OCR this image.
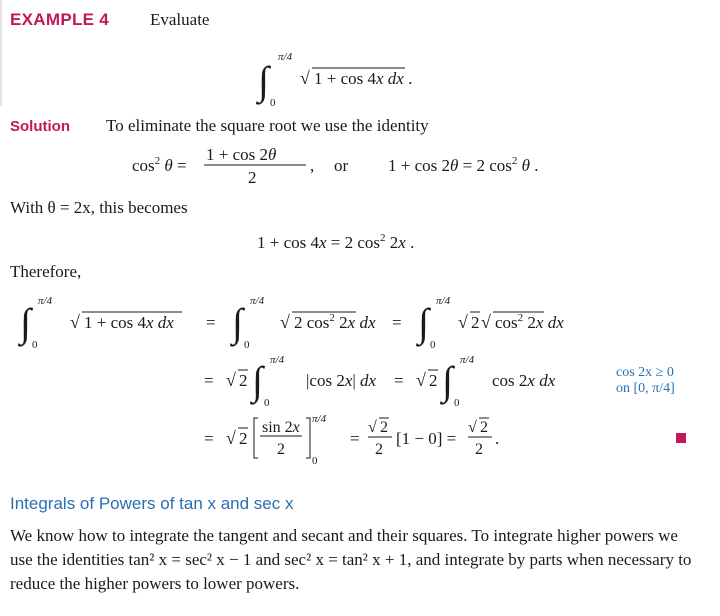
EXAMPLE 4 Evaluate
∫
π/4
0
√ 1 + cos 4x dx .
Solution To eliminate the square root we use the identity
$\cos^2 \theta$ =
1 + cos 2θ
2
, or 1 + cos 2θ = 2 $\cos^2 \theta$ .
With θ = 2x, this becomes
1 + cos 4x = 2 $\cos^2 2x$ .
Therefore,
∫ π/4
0
√ 1 + cos 4x dx = ∫ π/4
0
√ 2 $\cos^2 2x$ dx = ∫ π/4
0
√ 2 √ $\cos^2 2x$ dx
= √ 2 ∫ π/4
0
|cos 2x| dx = √ 2 ∫ π/4
0
cos 2x dx	cos 2x ≥ 0
on [0, π/4]
= √ 2
sin 2x
2
π/4
0
=
√ 2
2
[1 − 0] =
√ 2
2
.
Integrals of Powers of tan x and sec x
We know how to integrate the tangent and secant and their squares. To integrate higher powers we use the identities tan² x = sec² x − 1 and sec² x = tan² x + 1, and integrate by parts when necessary to reduce the higher powers to lower powers.
